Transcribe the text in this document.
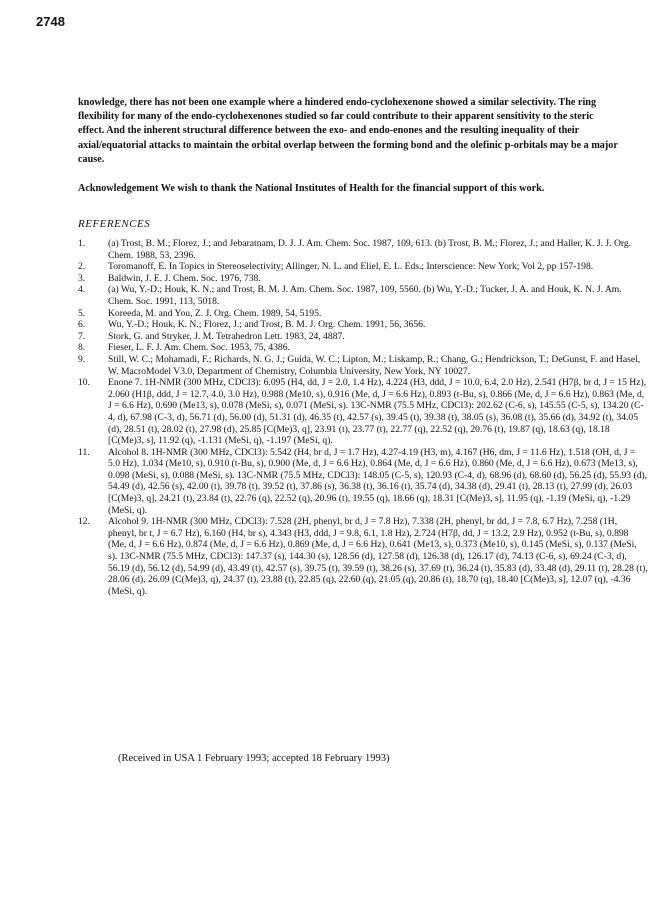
2748
knowledge, there has not been one example where a hindered endo-cyclohexenone showed a similar selectivity. The ring flexibility for many of the endo-cyclohexenones studied so far could contribute to their apparent sensitivity to the steric effect. And the inherent structural difference between the exo- and endo-enones and the resulting inequality of their axial/equatorial attacks to maintain the orbital overlap between the forming bond and the olefinic p-orbitals may be a major cause.
Acknowledgement We wish to thank the National Institutes of Health for the financial support of this work.
REFERENCES
1.	(a) Trost, B. M.; Florez, J.; and Jebaratnam, D. J. J. Am. Chem. Soc. 1987, 109, 613. (b) Trost, B. M.; Florez, J.; and Haller, K. J. J. Org. Chem. 1988, 53, 2396.
2.	Toromanoff, E. In Topics in Stereoselectivity; Allinger, N. L. and Eliel, E. L. Eds.; Interscience: New York; Vol 2, pp 157-198.
3.	Baldwin, J. E. J. Chem. Soc. 1976, 738.
4.	(a) Wu, Y.-D.; Houk, K. N.; and Trost, B. M. J. Am. Chem. Soc. 1987, 109, 5560. (b) Wu, Y.-D.; Tucker, J. A. and Houk, K. N. J. Am. Chem. Soc. 1991, 113, 5018.
5.	Koreeda, M. and You, Z. J. Org. Chem. 1989, 54, 5195.
6.	Wu, Y.-D.; Houk, K. N.; Florez, J.; and Trost, B. M. J. Org. Chem. 1991, 56, 3656.
7.	Stork, G. and Stryker, J. M. Tetrahedron Lett. 1983, 24, 4887.
8.	Fieser, L. F. J. Am. Chem. Soc. 1953, 75, 4386.
9.	Still, W. C.; Mohamadi, F.; Richards, N. G. J.; Guida, W. C.; Lipton, M.; Liskamp, R.; Chang, G.; Hendrickson, T.; DeGunst, F. and Hasel, W. MacroModel V3.0, Department of Chemistry, Columbia University, New York, NY 10027.
10.	Enone 7. 1H-NMR (300 MHz, CDCl3): 6.095 (H4, dd, J = 2.0, 1.4 Hz), 4.224 (H3, ddd, J = 10.0, 6.4, 2.0 Hz), 2.541 (H7β, br d, J = 15 Hz), 2.060 (H1β, ddd, J = 12.7, 4.0, 3.0 Hz), 0.988 (Me10, s), 0.916 (Me, d, J = 6.6 Hz), 0.893 (t-Bu, s), 0.866 (Me, d, J = 6.6 Hz), 0.863 (Me, d, J = 6.6 Hz), 0.690 (Me13, s), 0.078 (MeSi, s), 0.071 (MeSi, s). 13C-NMR (75.5 MHz, CDCl3): 202.62 (C-6, s), 145.55 (C-5, s), 134.20 (C-4, d), 67.98 (C-3, d), 56.71 (d), 56.00 (d), 51.31 (d), 46.35 (t), 42.57 (s), 39.45 (t), 39.38 (t), 38.05 (s), 36.08 (t), 35.66 (d), 34.92 (t), 34.05 (d), 28.51 (t), 28.02 (t), 27.98 (d), 25.85 [C(Me)3, q], 23.91 (t), 23.77 (t), 22.77 (q), 22.52 (q), 20.76 (t), 19.87 (q), 18.63 (q), 18.18 [C(Me)3, s], 11.92 (q), -1.131 (MeSi, q), -1.197 (MeSi, q).
11.	Alcohol 8. 1H-NMR (300 MHz, CDCl3): 5.542 (H4, br d, J = 1.7 Hz), 4.27-4.19 (H3, m), 4.167 (H6, dm, J = 11.6 Hz), 1.518 (OH, d, J = 5.0 Hz), 1.034 (Me10, s), 0.910 (t-Bu, s), 0.900 (Me, d, J = 6.6 Hz), 0.864 (Me, d, J = 6.6 Hz), 0.860 (Me, d, J = 6.6 Hz), 0.673 (Me13, s), 0.098 (MeSi, s), 0.088 (MeSi, s). 13C-NMR (75.5 MHz, CDCl3): 148.05 (C-5, s), 120.93 (C-4, d), 68.96 (d), 68.60 (d), 56.25 (d), 55.93 (d), 54.49 (d), 42.56 (s), 42.00 (t), 39.78 (t), 39.52 (t), 37.86 (s), 36.38 (t), 36.16 (t), 35.74 (d), 34.38 (d), 29.41 (t), 28.13 (t), 27.99 (d), 26.03 [C(Me)3, q], 24.21 (t), 23.84 (t), 22.76 (q), 22.52 (q), 20.96 (t), 19.55 (q), 18.66 (q), 18.31 [C(Me)3, s], 11.95 (q), -1.19 (MeSi, q), -1.29 (MeSi, q).
12.	Alcohol 9. 1H-NMR (300 MHz, CDCl3): 7.528 (2H, phenyl, br d, J = 7.8 Hz), 7.338 (2H, phenyl, br dd, J = 7.8, 6.7 Hz), 7.258 (1H, phenyl, br t, J = 6.7 Hz), 6.160 (H4, br s), 4.343 (H3, ddd, J = 9.8, 6.1, 1.8 Hz), 2.724 (H7β, dd, J = 13.2, 2.9 Hz), 0.952 (t-Bu, s), 0.898 (Me, d, J = 6.6 Hz), 0.874 (Me, d, J = 6.6 Hz), 0.869 (Me, d, J = 6.6 Hz), 0.641 (Me13, s), 0.373 (Me10, s), 0.145 (MeSi, s), 0.137 (MeSi, s). 13C-NMR (75.5 MHz, CDCl3): 147.37 (s), 144.30 (s), 128.56 (d), 127.58 (d), 126.38 (d), 126.17 (d), 74.13 (C-6, s), 69.24 (C-3, d), 56.19 (d), 56.12 (d), 54.99 (d), 43.49 (t), 42.57 (s), 39.75 (t), 39.59 (t), 38.26 (s), 37.69 (t), 36.24 (t), 35.83 (d), 33.48 (d), 29.11 (t), 28.28 (t), 28.06 (d), 26.09 (C(Me)3, q), 24.37 (t), 23.88 (t), 22.85 (q), 22.60 (q), 21.05 (q), 20.86 (t), 18.70 (q), 18.40 [C(Me)3, s], 12.07 (q), -4.36 (MeSi, q).
(Received in USA 1 February 1993; accepted 18 February 1993)
